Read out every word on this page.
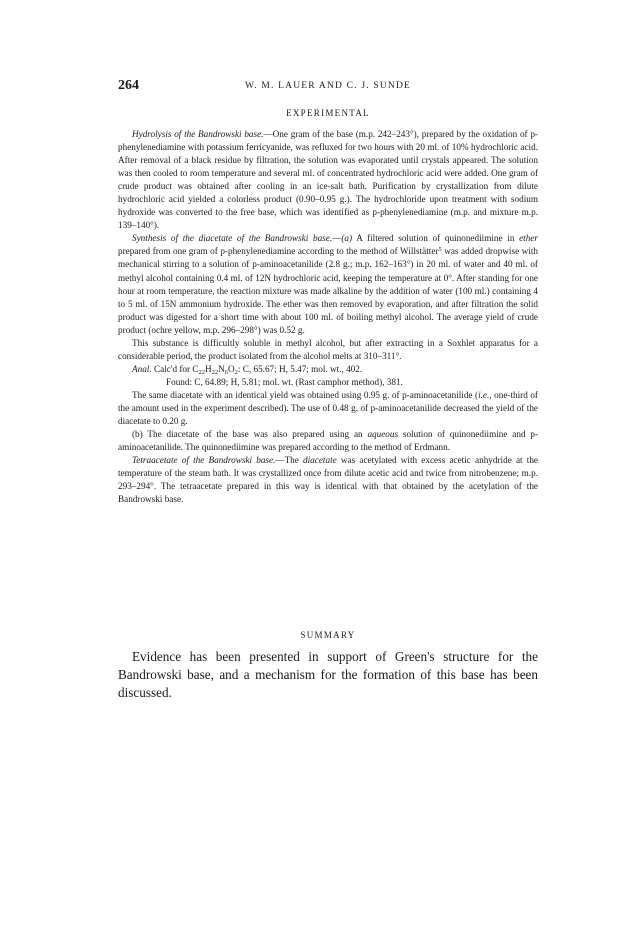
264	W. M. LAUER AND C. J. SUNDE
EXPERIMENTAL

Hydrolysis of the Bandrowski base.—One gram of the base (m.p. 242–243°), prepared by the oxidation of p-phenylenediamine with potassium ferricyanide, was refluxed for two hours with 20 ml. of 10% hydrochloric acid. After removal of a black residue by filtration, the solution was evaporated until crystals appeared. The solution was then cooled to room temperature and several ml. of concentrated hydrochloric acid were added. One gram of crude product was obtained after cooling in an ice-salt bath. Purification by crystallization from dilute hydrochloric acid yielded a colorless product (0.90–0.95 g.). The hydrochloride upon treatment with sodium hydroxide was converted to the free base, which was identified as p-phenylenediamine (m.p. and mixture m.p. 139–140°).

Synthesis of the diacetate of the Bandrowski base.—(a) A filtered solution of quinonediimine in ether prepared from one gram of p-phenylenediamine according to the method of Willstätter$^5$ was added dropwise with mechanical stirring to a solution of p-aminoacetanilide (2.8 g.; m.p. 162–163°) in 20 ml. of water and 40 ml. of methyl alcohol containing 0.4 ml. of 12N hydrochloric acid, keeping the temperature at 0°. After standing for one hour at room temperature, the reaction mixture was made alkaline by the addition of water (100 ml.) containing 4 to 5 ml. of 15N ammonium hydroxide. The ether was then removed by evaporation, and after filtration the solid product was digested for a short time with about 100 ml. of boiling methyl alcohol. The average yield of crude product (ochre yellow, m.p. 296–298°) was 0.52 g.

This substance is difficultly soluble in methyl alcohol, but after extracting in a Soxhlet apparatus for a considerable period, the product isolated from the alcohol melts at 310–311°.

Anal. Calc'd for $C_{22}H_{22}N_6O_2$: C, 65.67; H, 5.47; mol. wt., 402.

Found: C, 64.89; H, 5.81; mol. wt. (Rast camphor method), 381.

The same diacetate with an identical yield was obtained using 0.95 g. of p-aminoacetanilide (i.e., one-third of the amount used in the experiment described). The use of 0.48 g. of p-aminoacetanilide decreased the yield of the diacetate to 0.20 g.

(b) The diacetate of the base was also prepared using an aqueous solution of quinonediimine and p-aminoacetanilide. The quinonediimine was prepared according to the method of Erdmann.

Tetraacetate of the Bandrowski base.—The diacetate was acetylated with excess acetic anhydride at the temperature of the steam bath. It was crystallized once from dilute acetic acid and twice from nitrobenzene; m.p. 293–294°. The tetraacetate prepared in this way is identical with that obtained by the acetylation of the Bandrowski base.

SUMMARY

Evidence has been presented in support of Green's structure for the Bandrowski base, and a mechanism for the formation of this base has been discussed.
